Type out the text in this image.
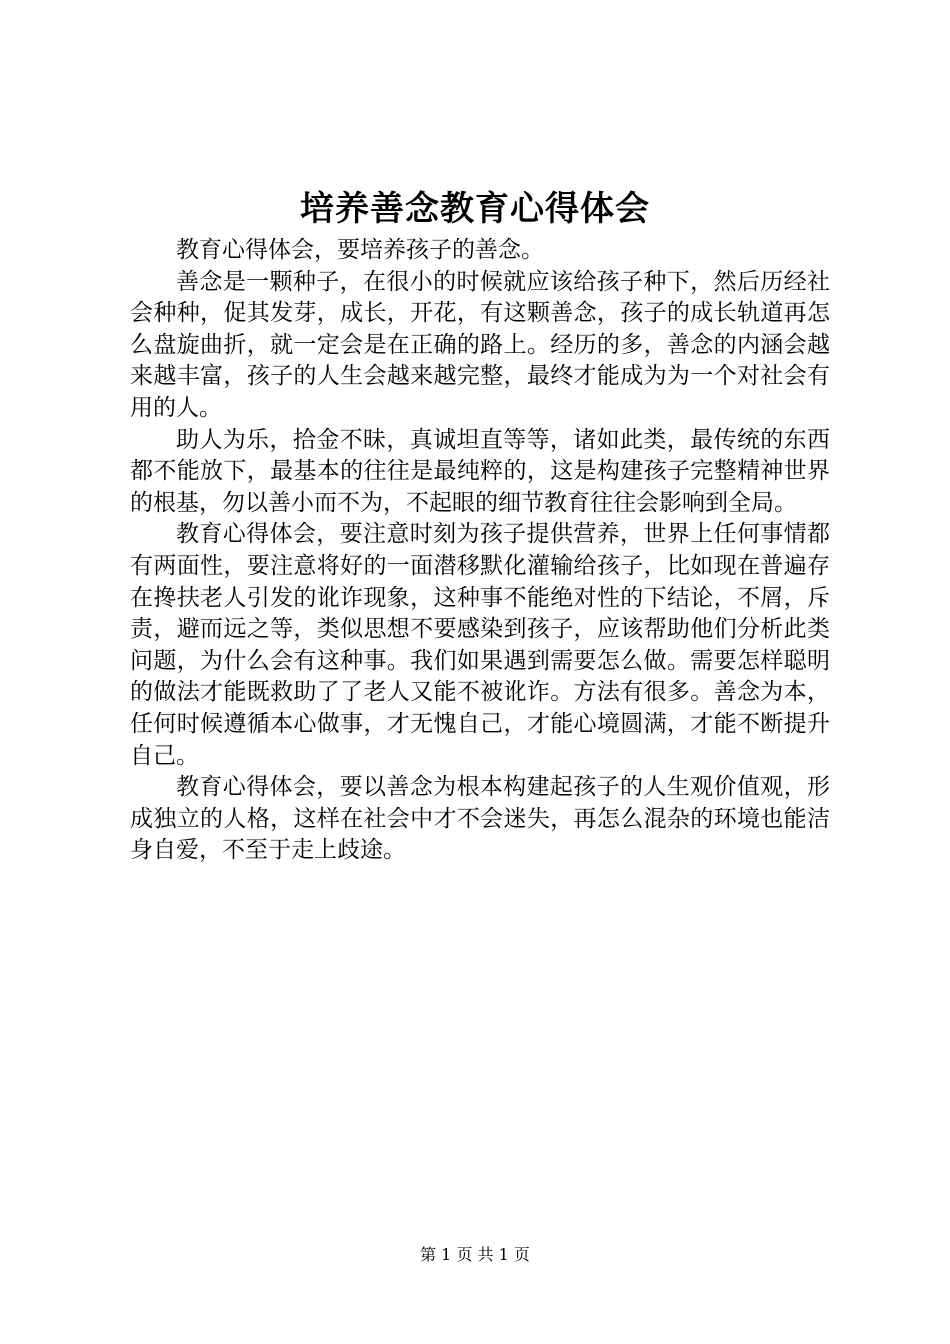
培养善念教育心得体会

教育心得体会，要培养孩子的善念。

善念是一颗种子，在很小的时候就应该给孩子种下，然后历经社会种种，促其发芽，成长，开花，有这颗善念，孩子的成长轨道再怎么盘旋曲折，就一定会是在正确的路上。经历的多，善念的内涵会越来越丰富，孩子的人生会越来越完整，最终才能成为为一个对社会有用的人。

助人为乐，拾金不昧，真诚坦直等等，诸如此类，最传统的东西都不能放下，最基本的往往是最纯粹的，这是构建孩子完整精神世界的根基，勿以善小而不为，不起眼的细节教育往往会影响到全局。

教育心得体会，要注意时刻为孩子提供营养，世界上任何事情都有两面性，要注意将好的一面潜移默化灌输给孩子，比如现在普遍存在搀扶老人引发的讹诈现象，这种事不能绝对性的下结论，不屑，斥责，避而远之等，类似思想不要感染到孩子，应该帮助他们分析此类问题，为什么会有这种事。我们如果遇到需要怎么做。需要怎样聪明的做法才能既救助了了老人又能不被讹诈。方法有很多。善念为本，任何时候遵循本心做事，才无愧自己，才能心境圆满，才能不断提升自己。

教育心得体会，要以善念为根本构建起孩子的人生观价值观，形成独立的人格，这样在社会中才不会迷失，再怎么混杂的环境也能洁身自爱，不至于走上歧途。

第 1 页 共 1 页
